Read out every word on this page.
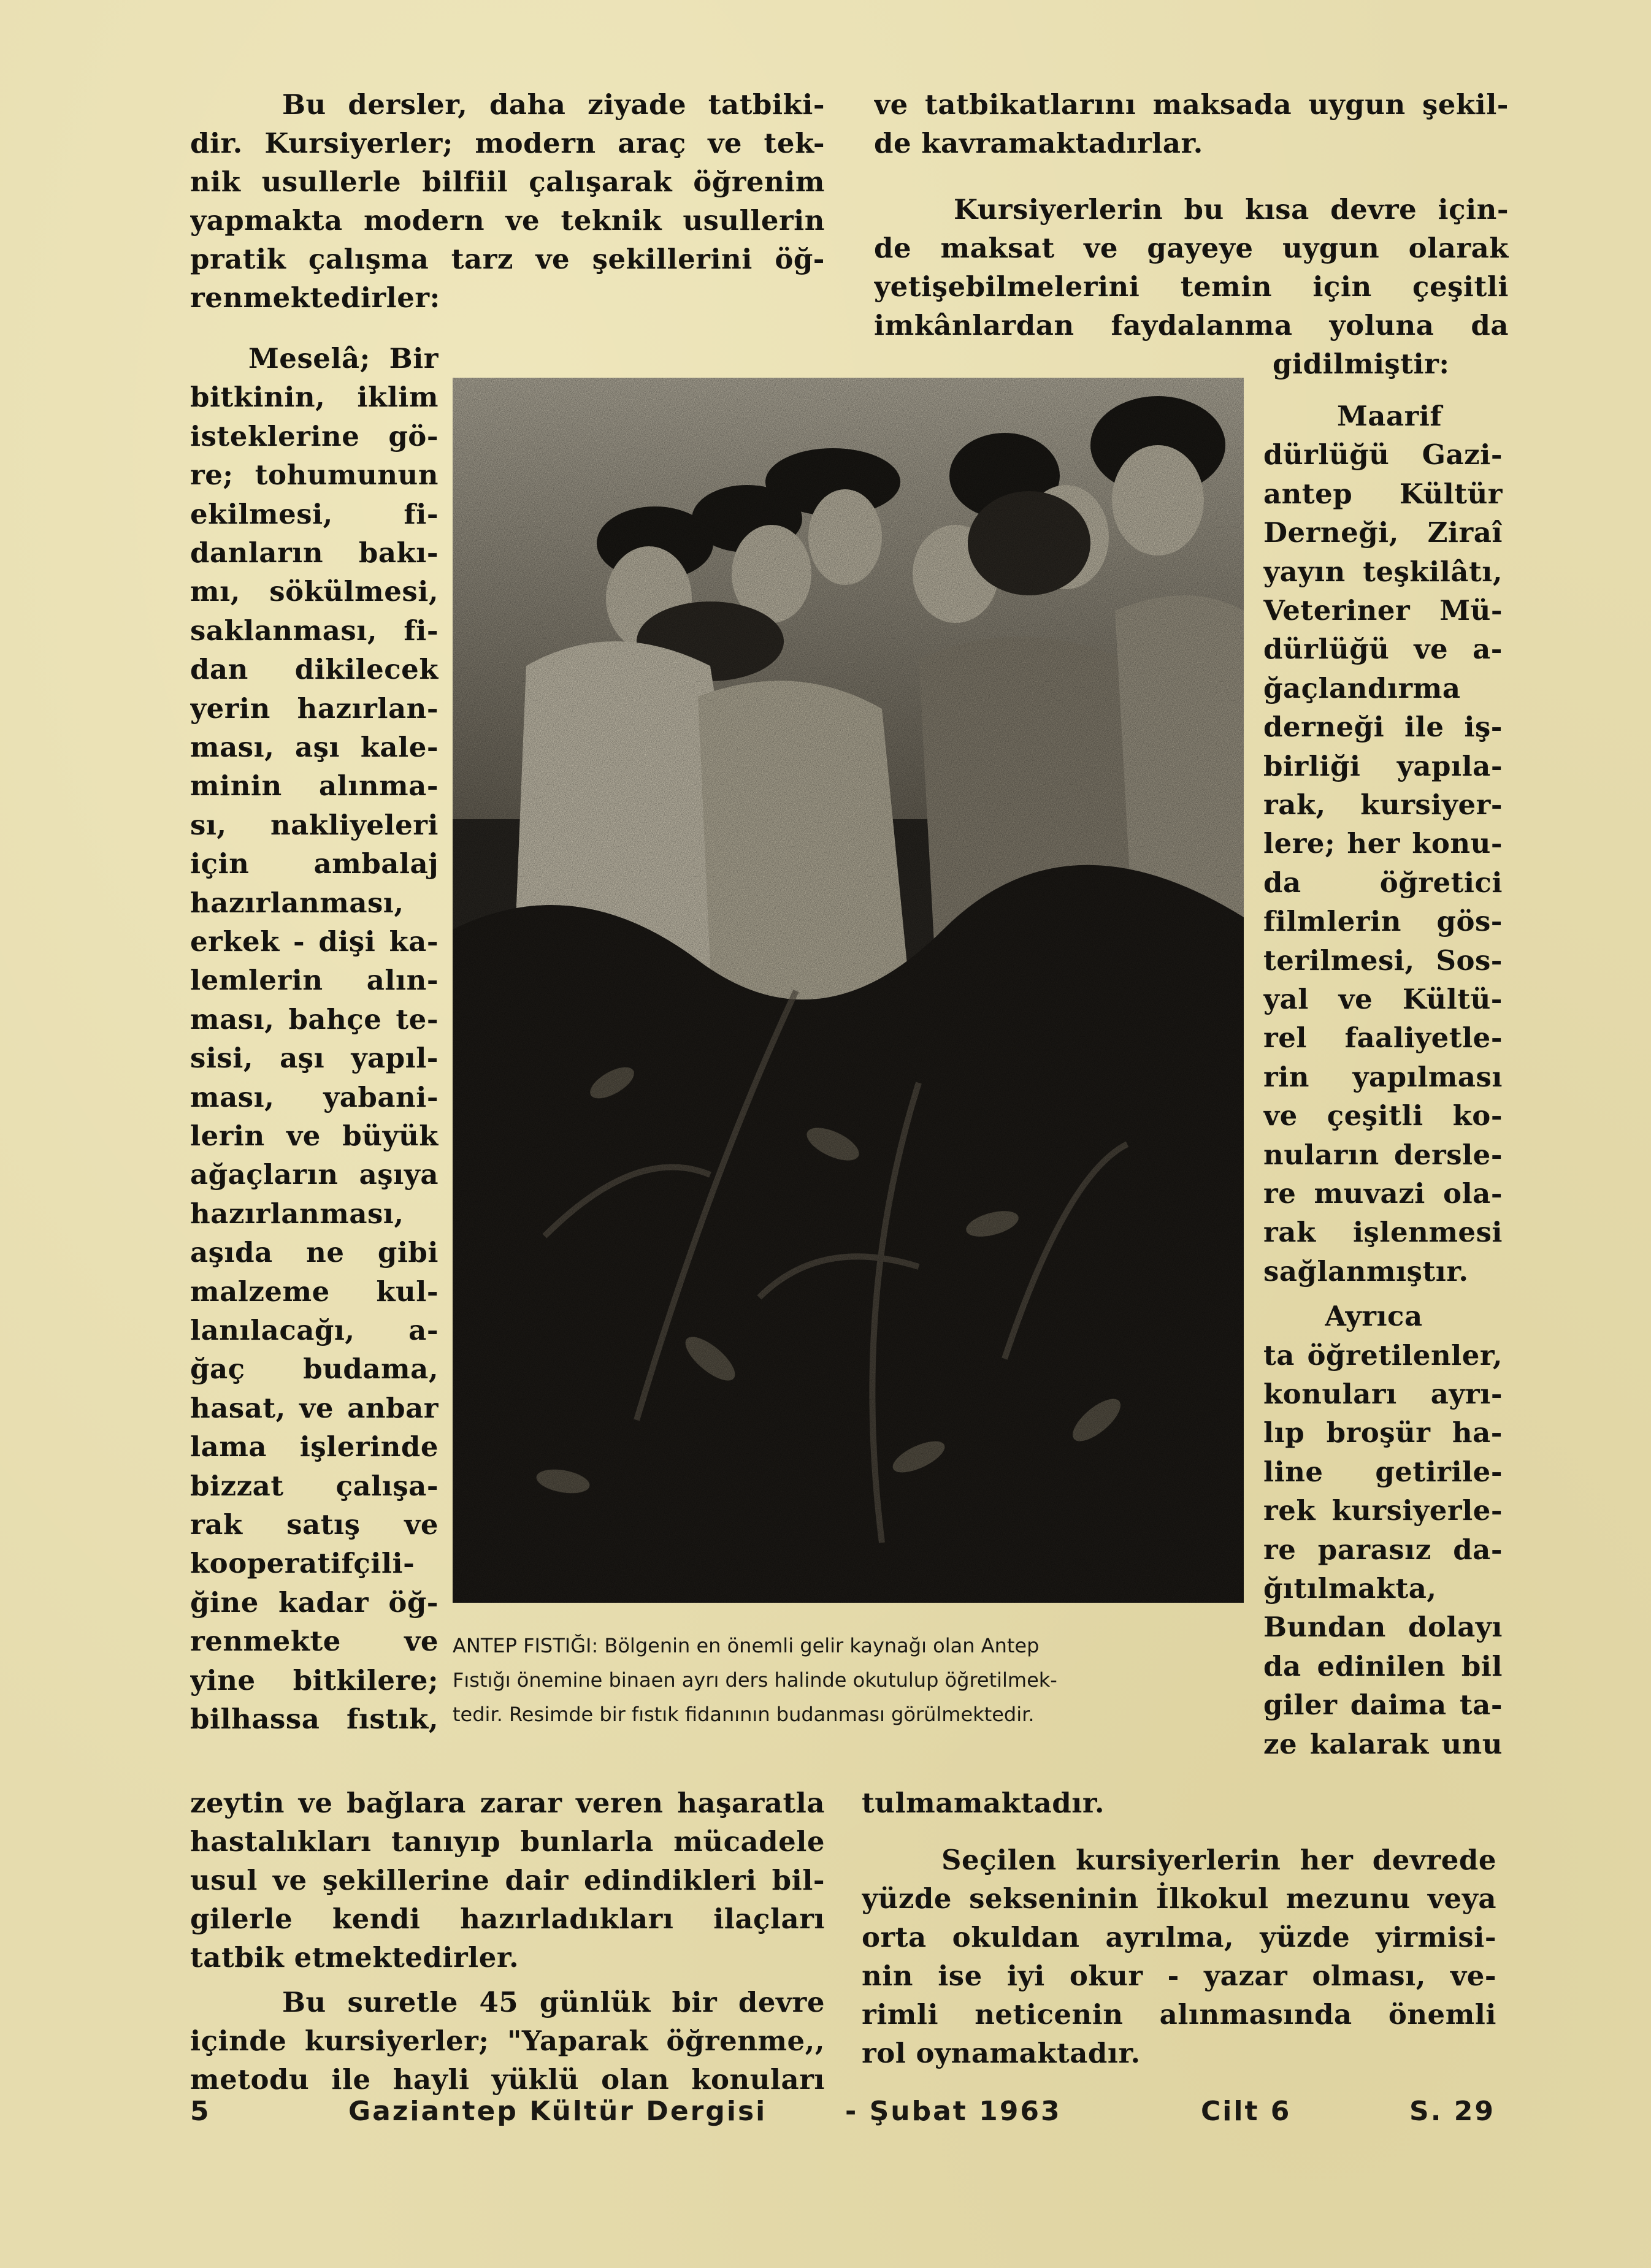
Bu dersler, daha ziyade tatbiki-
dir. Kursiyerler; modern araç ve tek-
nik usullerle bilfiil çalışarak öğrenim
yapmakta modern ve teknik usullerin
pratik çalışma tarz ve şekillerini öğ-
renmektedirler:
Meselâ; Bir
bitkinin, iklim
isteklerine gö-
re; tohumunun
ekilmesi, fi-
danların bakı-
mı, sökülmesi,
saklanması, fi-
dan dikilecek
yerin hazırlan-
ması, aşı kale-
minin alınma-
sı, nakliyeleri
için ambalaj
hazırlanması,
erkek - dişi ka-
lemlerin alın-
ması, bahçe te-
sisi, aşı yapıl-
ması, yabani-
lerin ve büyük
ağaçların aşıya
hazırlanması,
aşıda ne gibi
malzeme kul-
lanılacağı, a-
ğaç budama,
hasat, ve anbar
lama işlerinde
bizzat çalışa-
rak satış ve
kooperatifçili-
ğine kadar öğ-
renmekte ve
yine bitkilere;
bilhassa fıstık,
zeytin ve bağlara zarar veren haşaratla
hastalıkları tanıyıp bunlarla mücadele
usul ve şekillerine dair edindikleri bil-
gilerle kendi hazırladıkları ilaçları
tatbik etmektedirler.
Bu suretle 45 günlük bir devre
içinde kursiyerler; "Yaparak öğrenme,,
metodu ile hayli yüklü olan konuları
ve tatbikatlarını maksada uygun şekil-
de kavramaktadırlar.
Kursiyerlerin bu kısa devre için-
de maksat ve gayeye uygun olarak
yetişebilmelerini temin için çeşitli
imkânlardan faydalanma yoluna da
gidilmiştir:
Maarif
dürlüğü Gazi-
antep Kültür
Derneği, Ziraî
yayın teşkilâtı,
Veteriner Mü-
dürlüğü ve a-
ğaçlandırma
derneği ile iş-
birliği yapıla-
rak, kursiyer-
lere; her konu-
da öğretici
filmlerin gös-
terilmesi, Sos-
yal ve Kültü-
rel faaliyetle-
rin yapılması
ve çeşitli ko-
nuların dersle-
re muvazi ola-
rak işlenmesi
sağlanmıştır.
Ayrıca
ta öğretilenler,
konuları ayrı-
lıp broşür ha-
line getirile-
rek kursiyerle-
re parasız da-
ğıtılmakta,
Bundan dolayı
da edinilen bil
giler daima ta-
ze kalarak unu
tulmamaktadır.
Seçilen kursiyerlerin her devrede
yüzde sekseninin İlkokul mezunu veya
orta okuldan ayrılma, yüzde yirmisi-
nin ise iyi okur - yazar olması, ve-
rimli neticenin alınmasında önemli
rol oynamaktadır.
ANTEP FISTIĞI: Bölgenin en önemli gelir kaynağı olan Antep
Fıstığı önemine binaen ayrı ders halinde okutulup öğretilmek-
tedir. Resimde bir fıstık fidanının budanması görülmektedir.
5	Gaziantep Kültür Dergisi	- Şubat 1963	Cilt 6	S. 29
